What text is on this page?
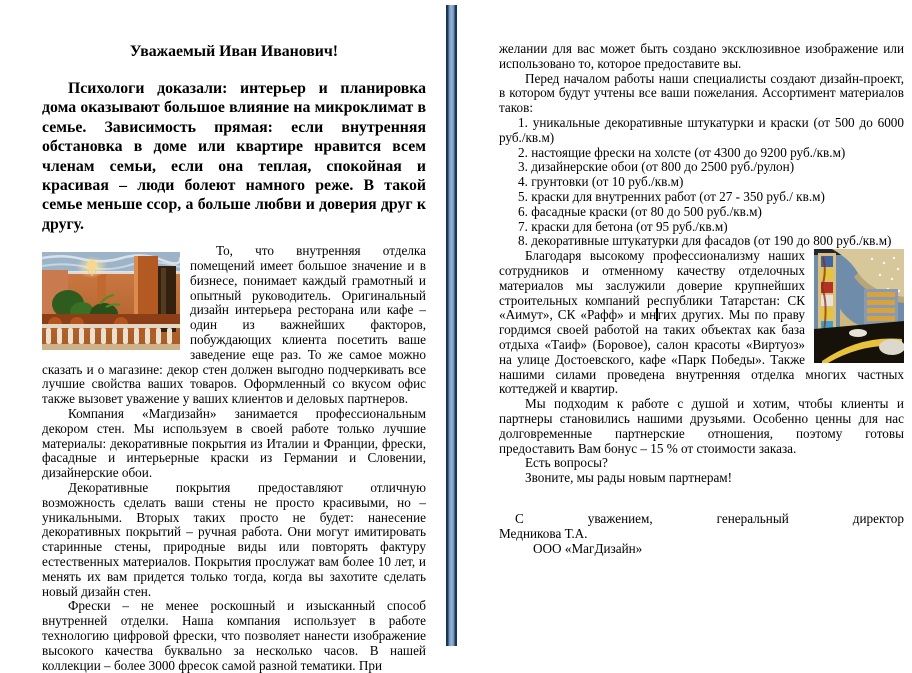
Уважаемый Иван Иванович!

Психологи доказали: интерьер и планировка дома оказывают большое влияние на микроклимат в семье. Зависимость прямая: если внутренняя обстановка в доме или квартире нравится всем членам семьи, если она теплая, спокойная и красивая – люди болеют намного реже. В такой семье меньше ссор, а больше любви и доверия друг к другу.

То, что внутренняя отделка помещений имеет большое значение и в бизнесе, понимает каждый грамотный и опытный руководитель. Оригинальный дизайн интерьера ресторана или кафе – один из важнейших факторов, побуждающих клиента посетить ваше заведение еще раз. То же самое можно сказать и о магазине: декор стен должен выгодно подчеркивать все лучшие свойства ваших товаров. Оформленный со вкусом офис также вызовет уважение у ваших клиентов и деловых партнеров.

Компания «Магдизайн» занимается профессиональным декором стен. Мы используем в своей работе только лучшие материалы: декоративные покрытия из Италии и Франции, фрески, фасадные и интерьерные краски из Германии и Словении, дизайнерские обои.

Декоративные покрытия предоставляют отличную возможность сделать ваши стены не просто красивыми, но – уникальными. Вторых таких просто не будет: нанесение декоративных покрытий – ручная работа. Они могут имитировать старинные стены, природные виды или повторять фактуру естественных материалов. Покрытия прослужат вам более 10 лет, и менять их вам придется только тогда, когда вы захотите сделать новый дизайн стен.

Фрески – не менее роскошный и изысканный способ внутренней отделки. Наша компания использует в работе технологию цифровой фрески, что позволяет нанести изображение высокого качества буквально за несколько часов. В нашей коллекции – более 3000 фресок самой разной тематики. При

желании для вас может быть создано эксклюзивное изображение или использовано то, которое предоставите вы.

Перед началом работы наши специалисты создают дизайн-проект, в котором будут учтены все ваши пожелания. Ассортимент материалов таков:

1. уникальные декоративные штукатурки и краски (от 500 до 6000 руб./кв.м)

2. настоящие фрески на холсте (от 4300 до 9200 руб./кв.м)

3. дизайнерские обои (от 800 до 2500 руб./рулон)

4. грунтовки (от 10 руб./кв.м)

5. краски для внутренних работ (от 27 - 350 руб./ кв.м)

6. фасадные краски (от 80 до 500 руб./кв.м)

7. краски для бетона (от 95 руб./кв.м)

8. декоративные штукатурки для фасадов (от 190 до 800 руб./кв.м)

Благодаря высокому профессионализму наших сотрудников и отменному качеству отделочных материалов мы заслужили доверие крупнейших строительных компаний республики Татарстан: СК «Аимут», СК «Рафф» и мн гих других. Мы по праву гордимся своей работой на таких объектах как база отдыха «Таиф» (Боровое), салон красоты «Виртуоз» на улице Достоевского, кафе «Парк Победы». Также нашими силами проведена внутренняя отделка многих частных коттеджей и квартир.

Мы подходим к работе с душой и хотим, чтобы клиенты и партнеры становились нашими друзьями. Особенно ценны для нас долговременные партнерские отношения, поэтому готовы предоставить Вам бонус – 15 % от стоимости заказа.

Есть вопросы?

Звоните, мы рады новым партнерам!

С уважением, генеральный директор

Медникова Т.А.

ООО «МагДизайн»
